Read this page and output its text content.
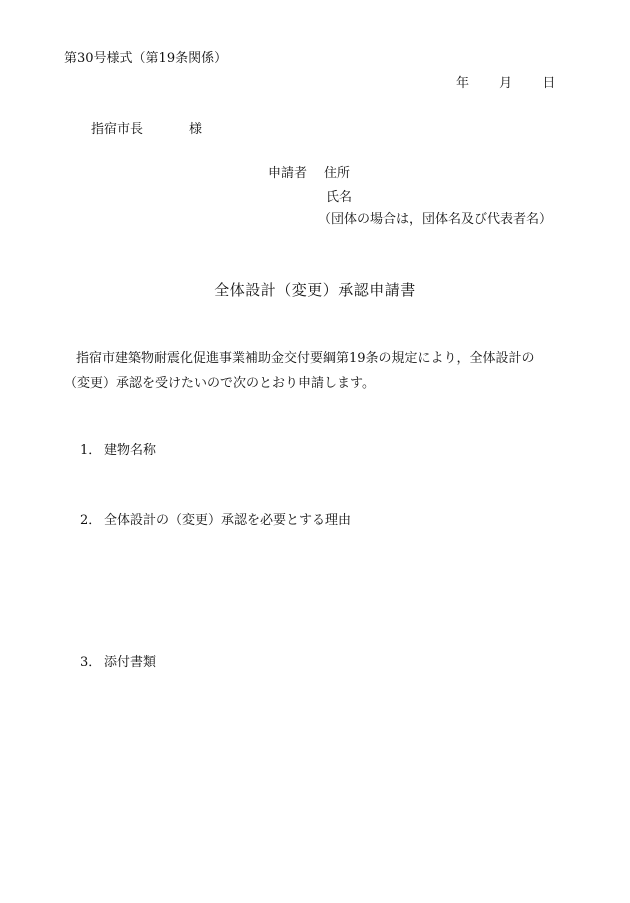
第30号様式（第19条関係）
年 月 日
指宿市長	様
申請者 住所
氏名
（団体の場合は，団体名及び代表者名）
全体設計（変更）承認申請書
指宿市建築物耐震化促進事業補助金交付要綱第19条の規定により，全体設計の
（変更）承認を受けたいので次のとおり申請します。
1． 建物名称
2． 全体設計の（変更）承認を必要とする理由
3． 添付書類
